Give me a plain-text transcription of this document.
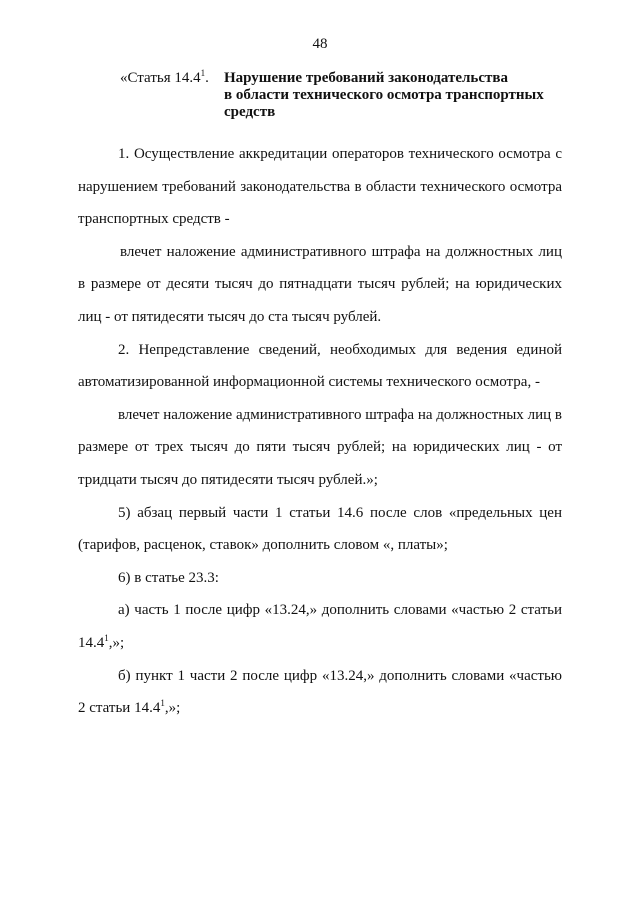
48
«Статья 14.4$^1$. Нарушение требований законодательства
в области технического осмотра транспортных
средств

1. Осуществление аккредитации операторов технического осмотра с нарушением требований законодательства в области технического осмотра транспортных средств -

влечет наложение административного штрафа на должностных лиц в размере от десяти тысяч до пятнадцати тысяч рублей; на юридических лиц - от пятидесяти тысяч до ста тысяч рублей.

2. Непредставление сведений, необходимых для ведения единой автоматизированной информационной системы технического осмотра, -

влечет наложение административного штрафа на должностных лиц в размере от трех тысяч до пяти тысяч рублей; на юридических лиц - от тридцати тысяч до пятидесяти тысяч рублей.»;

5) абзац первый части 1 статьи 14.6 после слов «предельных цен (тарифов, расценок, ставок» дополнить словом «, платы»;

6) в статье 23.3:

а) часть 1 после цифр «13.24,» дополнить словами «частью 2 статьи 14.4$^1$,»;

б) пункт 1 части 2 после цифр «13.24,» дополнить словами «частью 2 статьи 14.4$^1$,»;
